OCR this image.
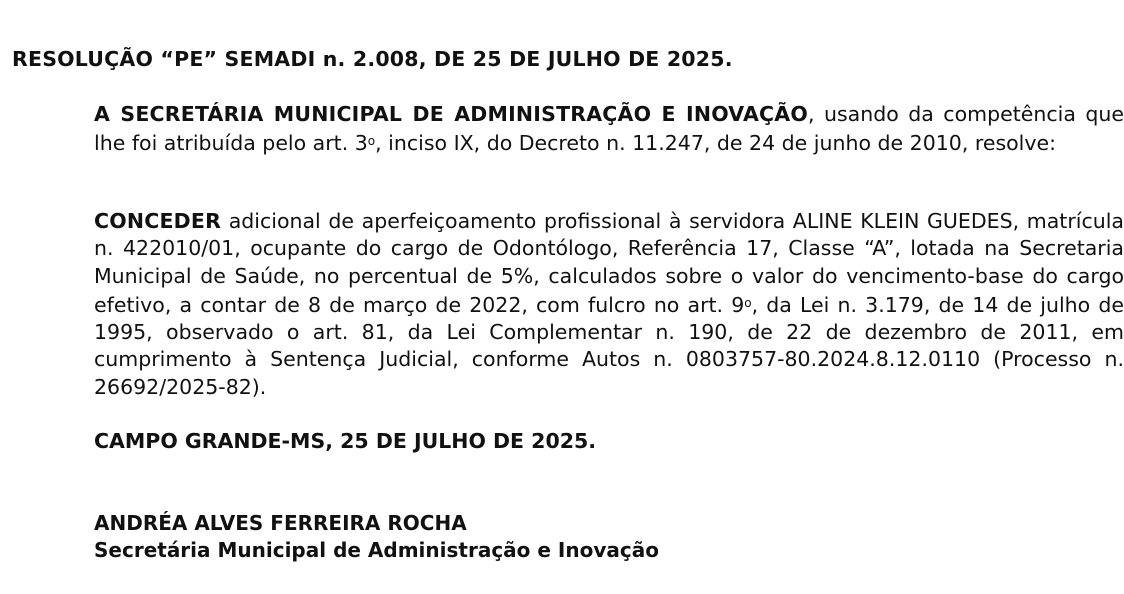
RESOLUÇÃO “PE” SEMADI n. 2.008, DE 25 DE JULHO DE 2025.

A SECRETÁRIA MUNICIPAL DE ADMINISTRAÇÃO E INOVAÇÃO, usando da competência que lhe foi atribuída pelo art. 3$^o$, inciso IX, do Decreto n. 11.247, de 24 de junho de 2010, resolve:

CONCEDER adicional de aperfeiçoamento profissional à servidora ALINE KLEIN GUEDES, matrícula n. 422010/01, ocupante do cargo de Odontólogo, Referência 17, Classe “A”, lotada na Secretaria Municipal de Saúde, no percentual de 5%, calculados sobre o valor do vencimento-base do cargo efetivo, a contar de 8 de março de 2022, com fulcro no art. 9$^o$, da Lei n. 3.179, de 14 de julho de 1995, observado o art. 81, da Lei Complementar n. 190, de 22 de dezembro de 2011, em cumprimento à Sentença Judicial, conforme Autos n. 0803757-80.2024.8.12.0110 (Processo n. 26692/2025-82).

CAMPO GRANDE-MS, 25 DE JULHO DE 2025.
ANDRÉA ALVES FERREIRA ROCHA
Secretária Municipal de Administração e Inovação
